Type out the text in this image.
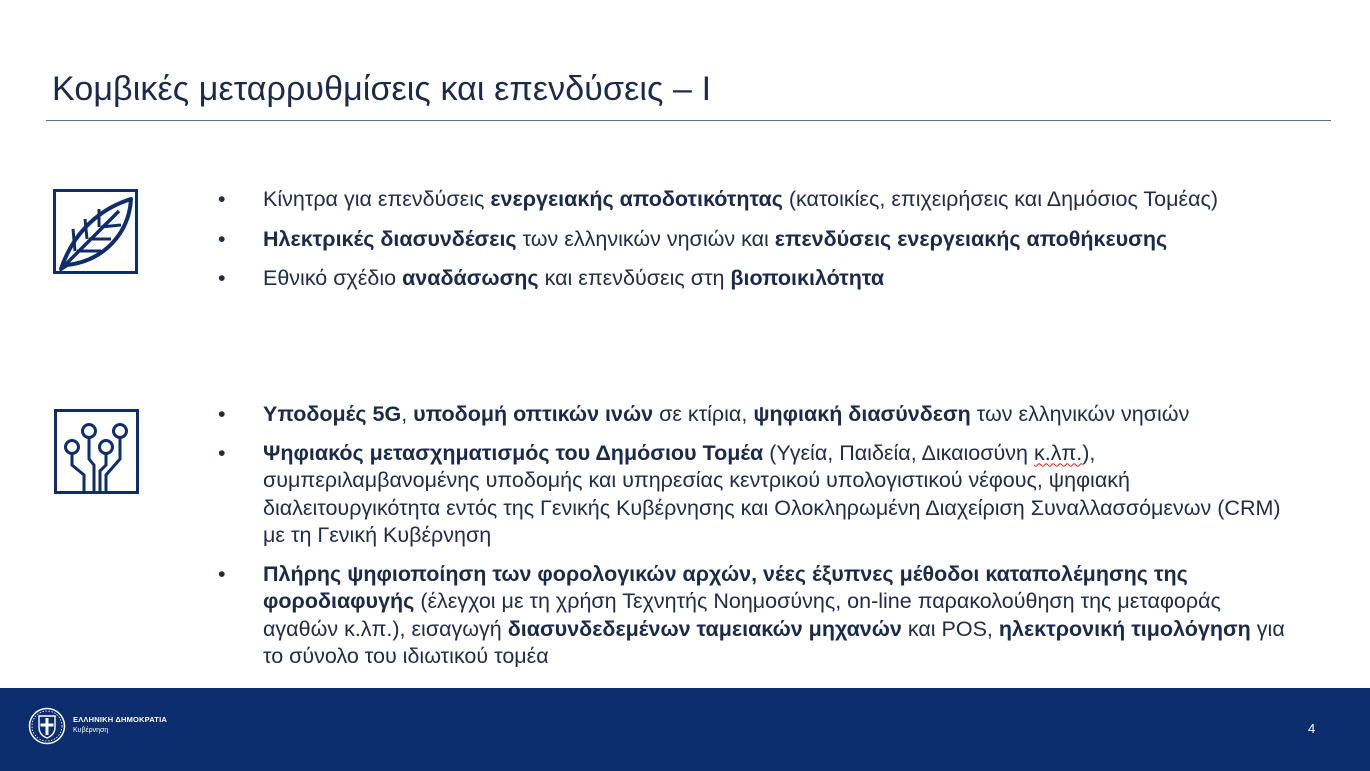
Κομβικές μεταρρυθμίσεις και επενδύσεις – Ι
• Κίνητρα για επενδύσεις ενεργειακής αποδοτικότητας (κατοικίες, επιχειρήσεις και Δημόσιος Τομέας)
• Ηλεκτρικές διασυνδέσεις των ελληνικών νησιών και επενδύσεις ενεργειακής αποθήκευσης
• Εθνικό σχέδιο αναδάσωσης και επενδύσεις στη βιοποικιλότητα
• Υποδομές 5G, υποδομή οπτικών ινών σε κτίρια, ψηφιακή διασύνδεση των ελληνικών νησιών
• Ψηφιακός μετασχηματισμός του Δημόσιου Τομέα (Υγεία, Παιδεία, Δικαιοσύνη κ.λπ.), συμπεριλαμβανομένης υποδομής και υπηρεσίας κεντρικού υπολογιστικού νέφους, ψηφιακή διαλειτουργικότητα εντός της Γενικής Κυβέρνησης και Ολοκληρωμένη Διαχείριση Συναλλασσόμενων (CRM) με τη Γενική Κυβέρνηση
• Πλήρης ψηφιοποίηση των φορολογικών αρχών, νέες έξυπνες μέθοδοι καταπολέμησης της φοροδιαφυγής (έλεγχοι με τη χρήση Τεχνητής Νοημοσύνης, on-line παρακολούθηση της μεταφοράς αγαθών κ.λπ.), εισαγωγή διασυνδεδεμένων ταμειακών μηχανών και POS, ηλεκτρονική τιμολόγηση για το σύνολο του ιδιωτικού τομέα
ΕΛΛΗΝΙΚΗ ΔΗΜΟΚΡΑΤΙΑ
Κυβέρνηση	4
